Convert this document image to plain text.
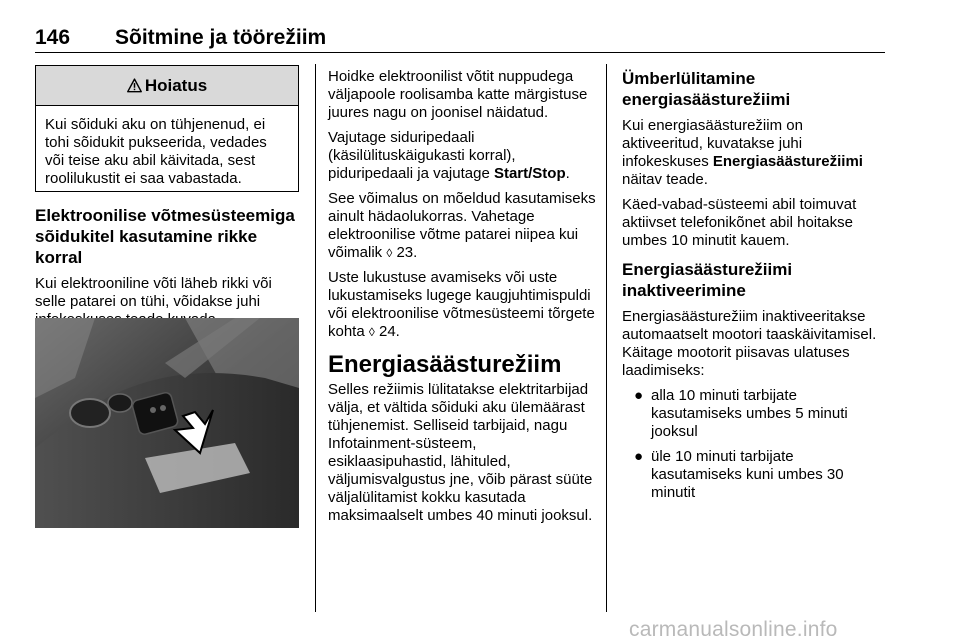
146 Sõitmine ja töörežiim
Hoiatus
Kui sõiduki aku on tühjenenud, ei tohi sõidukit pukseerida, vedades või teise aku abil käivitada, sest roolilukustit ei saa vabastada.
Elektroonilise võtmesüsteemiga sõidukitel kasutamine rikke korral

Kui elektrooniline võti läheb rikki või selle patarei on tühi, võidakse juhi

Hoidke elektroonilist võtit nuppudega väljapoole roolisamba katte märgistuse juures nagu on joonisel näidatud.

Vajutage siduripedaali (käsilülituskäigukasti korral), piduripedaali ja vajutage Start/Stop.

See võimalus on mõeldud kasutamiseks ainult hädaolukorras. Vahetage elektroonilise võtme patarei niipea kui võimalik ◊ 23.

Uste lukustuse avamiseks või uste lukustamiseks lugege kaugjuhtimispuldi või elektroonilise võtmesüsteemi tõrgete kohta ◊ 24.

Energiasäästurežiim

Selles režiimis lülitatakse elektritarbijad välja, et vältida sõiduki aku ülemäärast tühjenemist. Selliseid tarbijaid, nagu Infotainment-süsteem, esiklaasipuhastid, lähituled, väljumisvalgustus jne, võib pärast süüte väljalülitamist kokku kasutada maksimaalselt umbes 40 minuti jooksul.

Ümberlülitamine energiasäästurežiimi

Kui energiasäästurežiim on aktiveeritud, kuvatakse juhi infokeskuses Energiasäästurežiimi näitav teade.

Käed-vabad-süsteemi abil toimuvat aktiivset telefonikõnet abil hoitakse umbes 10 minutit kauem.

Energiasäästurežiimi inaktiveerimine

Energiasäästurežiim inaktiveeritakse automaatselt mootori taaskäivitamisel. Käitage mootorit piisavas ulatuses laadimiseks:

● alla 10 minuti tarbijate kasutamiseks umbes 5 minuti jooksul
● üle 10 minuti tarbijate kasutamiseks kuni umbes 30 minutit
carmanualsonline.info
